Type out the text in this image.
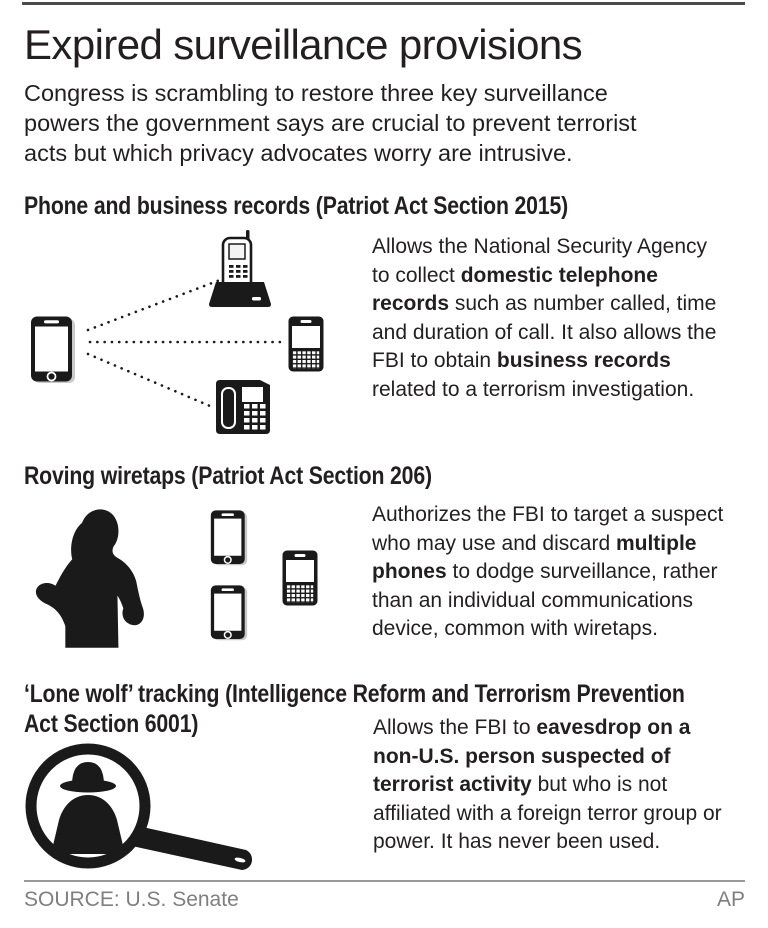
Expired surveillance provisions
Congress is scrambling to restore three key surveillance
powers the government says are crucial to prevent terrorist
acts but which privacy advocates worry are intrusive.
Phone and business records (Patriot Act Section 2015)
Allows the National Security Agency
to collect domestic telephone
records such as number called, time
and duration of call. It also allows the
FBI to obtain business records
related to a terrorism investigation.
Roving wiretaps (Patriot Act Section 206)
Authorizes the FBI to target a suspect
who may use and discard multiple
phones to dodge surveillance, rather
than an individual communications
device, common with wiretaps.
‘Lone wolf’ tracking (Intelligence Reform and Terrorism Prevention
Act Section 6001)	Allows the FBI to eavesdrop on a
non-U.S. person suspected of
terrorist activity but who is not
affiliated with a foreign terror group or
power. It has never been used.
SOURCE: U.S. Senate	AP
